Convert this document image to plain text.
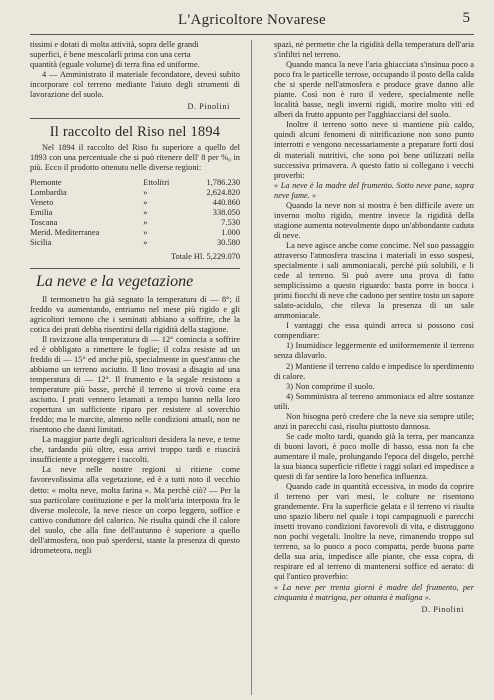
L'Agricoltore Novarese	5

tissimi e dotati di molta attività, sopra delle grandi

superfici, è bene mescolarli prima con una certa

quantità (eguale volume) di terra fina ed uniforme.

4 — Amministrato il materiale fecondatore, devesi subito incorporare col terreno mediante l'aiuto degli strumenti di lavorazione del suolo.

D. Pinolini
Il raccolto del Riso nel 1894

Nel 1894 il raccolto del Riso fu superiore a quello del 1893 con una percentuale che si può ritenere dell' 8 per %₀ in più. Ecco il prodotto ottenuto nelle diverse regioni:

Piemonte	Ettolitri	1,786.230
Lombardia	»	2,624.820
Veneto	»	440.860
Emilia	»	338.050
Toscana	»	7.530
Merid. Mediterranea	»	1.000
Sicilia	»	30.580
Totale Hl. 5,229.070
La neve e la vegetazione

Il termometro ha già segnato la temperatura di — 8°; il freddo va aumentando, entriamo nel mese più rigido e gli agricoltori temono che i seminati abbiano a soffrire, che la cotica dei prati debba risentirsi della rigidità della stagione.

Il ravizzone alla temperatura di — 12° comincia a soffrire ed è obbligato a rimettere le foglie; il colza resiste ad un freddo di — 15° ed anche più, specialmente in quest'anno che abbiamo un terreno asciutto. Il lino trovasi a disagio ad una temperatura di — 12°. Il frumento e la segale resistono a temperature più basse, perchè il terreno si trovò come era asciutto. I prati vennero letamati a tempo hanno nella loro copertura un sufficiente riparo per resistere al soverchio freddo; ma le marcite, almeno nelle condizioni attuali, non ne risentono che danni limitati.

La maggior parte degli agricoltori desidera la neve, e teme che, tardando più oltre, essa arrivi troppo tardi e riuscirà insufficiente a proteggere i raccolti.

La neve nelle nostre regioni si ritiene come favorevolissima alla vegetazione, ed è a tutti noto il vecchio detto: « molta neve, molta farina ». Ma perchè ciò? — Per la sua particolare costituzione e per la molt'aria interposta fra le diverse molecole, la neve riesce un corpo leggero, soffice e cattivo conduttore del calorico. Ne risulta quindi che il calore del suolo, che alla fine dell'autunno è superiore a quello dell'atmosfera, non può sperdersi, stante la presenza di questo idrometeora, negli

spazi, nè permette che la rigidità della temperatura dell'aria s'infiltri nel terreno.

Quando manca la neve l'aria ghiacciata s'insinua poco a poco fra le particelle terrose, occupando il posto della calda che si sperde nell'atmosfera e produce grave danno alle piante. Così non è raro il vedere, specialmente nelle località basse, negli inverni rigidi, morire molto viti ed alberi da frutto appunto per l'agghiacciarsi del suolo.

Inoltre il terreno sotto neve si mantiene più caldo, quindi alcuni fenomeni di nitrificazione non sono punto interrotti e vengono necessariamente a preparare forti dosi di materiali nutritivi, che sono poi bene utilizzati nella successiva primavera. A questo fatto si collegano i vecchi proverbi:

« La neve è la madre del frumento. Sotto neve pane, sopra neve fame. »

Quando la neve non si mostra è ben difficile avere un inverno molto rigido, mentre invece la rigidità della stagione aumenta notevolmente dopo un'abbondante caduta di neve.

La neve agisce anche come concime. Nel suo passaggio attraverso l'atmosfera trascina i materiali in esso sospesi, specialmente i sali ammoniacali, perchè più solubili, e li cede al terreno. Si può avere una prova di fatto semplicissimo a questo riguardo: basta porre in bocca i primi fiocchi di neve che cadono per sentire tosto un sapore salato-acidulo, che rileva la presenza di un sale ammoniacale.

I vantaggi che essa quindi arreca si possono così compendiare:

1) Inumidisce leggermente ed uniformemente il terreno senza dilavarlo.

2) Mantiene il terreno caldo e impedisce lo sperdimento di calore.

3) Non comprime il suolo.

4) Somministra al terreno ammoniaca ed altre sostanze utili.

Non bisogna però credere che la neve sia sempre utile; anzi in parecchi casi, risulta piuttosto dannosa.

Se cade molto tardi, quando già la terra, per mancanza di buoni lavori, è poco molle di basso, essa non fa che aumentare il male, prolungando l'epoca del disgelo, perchè la sua bianca superficie riflette i raggi solari ed impedisce a questi di far sentire la loro benefica influenza.

Quando cade in quantità eccessiva, in modo da coprire il terreno per vari mesi, le colture ne risentono grandemente. Fra la superficie gelata e il terreno vi risulta uno spazio libero nel quale i topi campagnuoli e parecchi insetti trovano condizioni favorevoli di vita, e distruggono non pochi vegetali. Inoltre la neve, rimanendo troppo sul terreno, sa lo puoco a poco compatta, perde buona parte della sua aria, impedisce alle piante, che essa copra, di respirare ed al terreno di mantenersi soffice ed aerato: di qui l'antico proverbio:

« La neve per trenta giorni è madre del frumento, per cinquanta è matrigna, per ottanta è maligna ».

D. Pinolini
